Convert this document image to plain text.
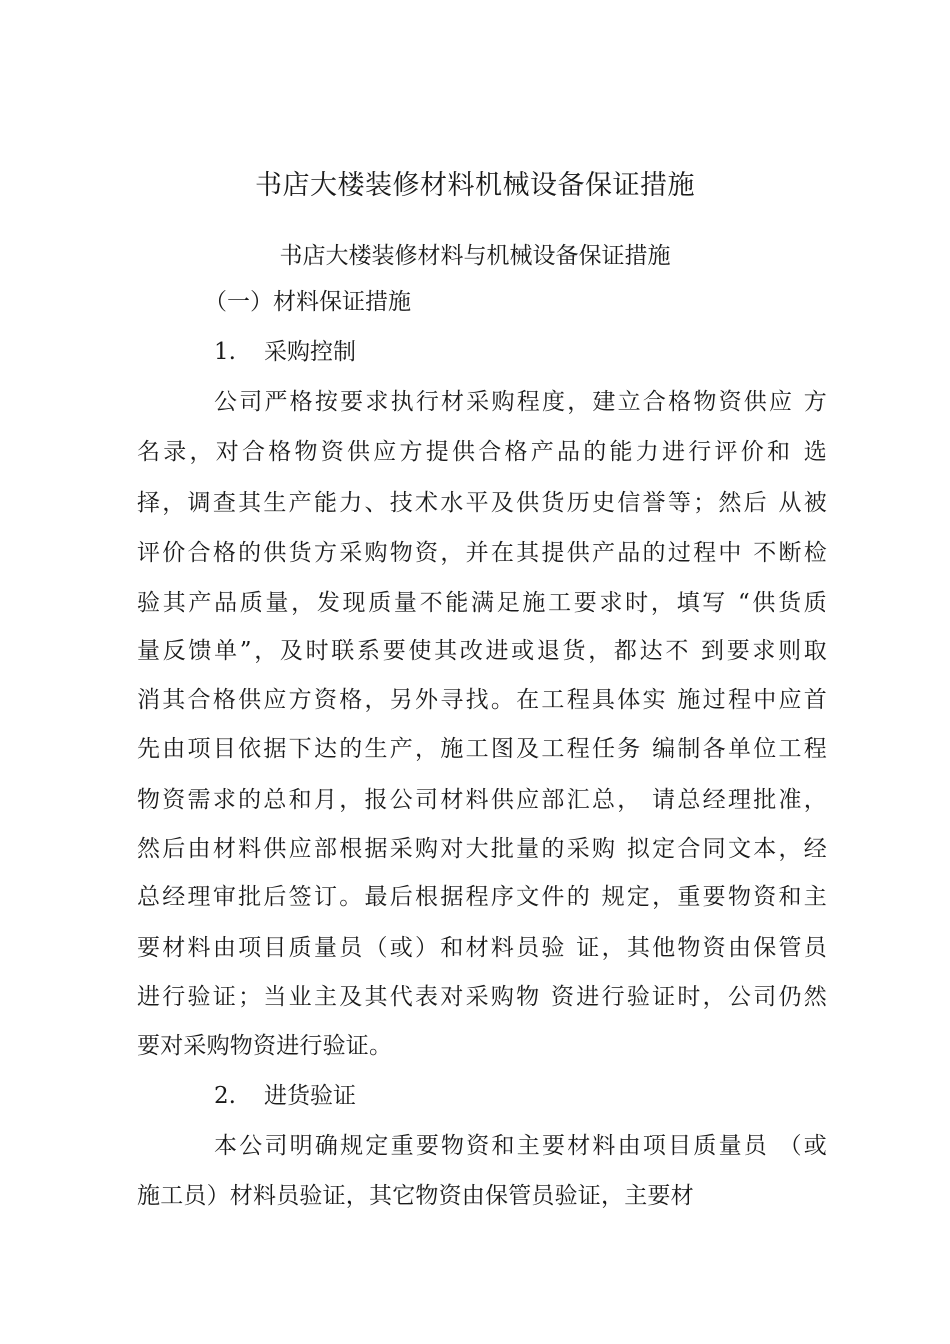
书店大楼装修材料机械设备保证措施
书店大楼装修材料与机械设备保证措施
（一）材料保证措施
1. 采购控制
公司严格按要求执行材采购程度，建立合格物资供应 方
名录，对合格物资供应方提供合格产品的能力进行评价和 选
择，调查其生产能力、技术水平及供货历史信誉等；然后 从被
评价合格的供货方采购物资，并在其提供产品的过程中 不断检
验其产品质量，发现质量不能满足施工要求时，填写 “供货质
量反馈单”，及时联系要使其改进或退货，都达不 到要求则取
消其合格供应方资格，另外寻找。在工程具体实 施过程中应首
先由项目依据下达的生产，施工图及工程任务 编制各单位工程
物资需求的总和月，报公司材料供应部汇总， 请总经理批准，
然后由材料供应部根据采购对大批量的采购 拟定合同文本，经
总经理审批后签订。最后根据程序文件的 规定，重要物资和主
要材料由项目质量员（或）和材料员验 证，其他物资由保管员
进行验证；当业主及其代表对采购物 资进行验证时，公司仍然
要对采购物资进行验证。
2. 进货验证
本公司明确规定重要物资和主要材料由项目质量员 （或
施工员）材料员验证，其它物资由保管员验证，主要材
